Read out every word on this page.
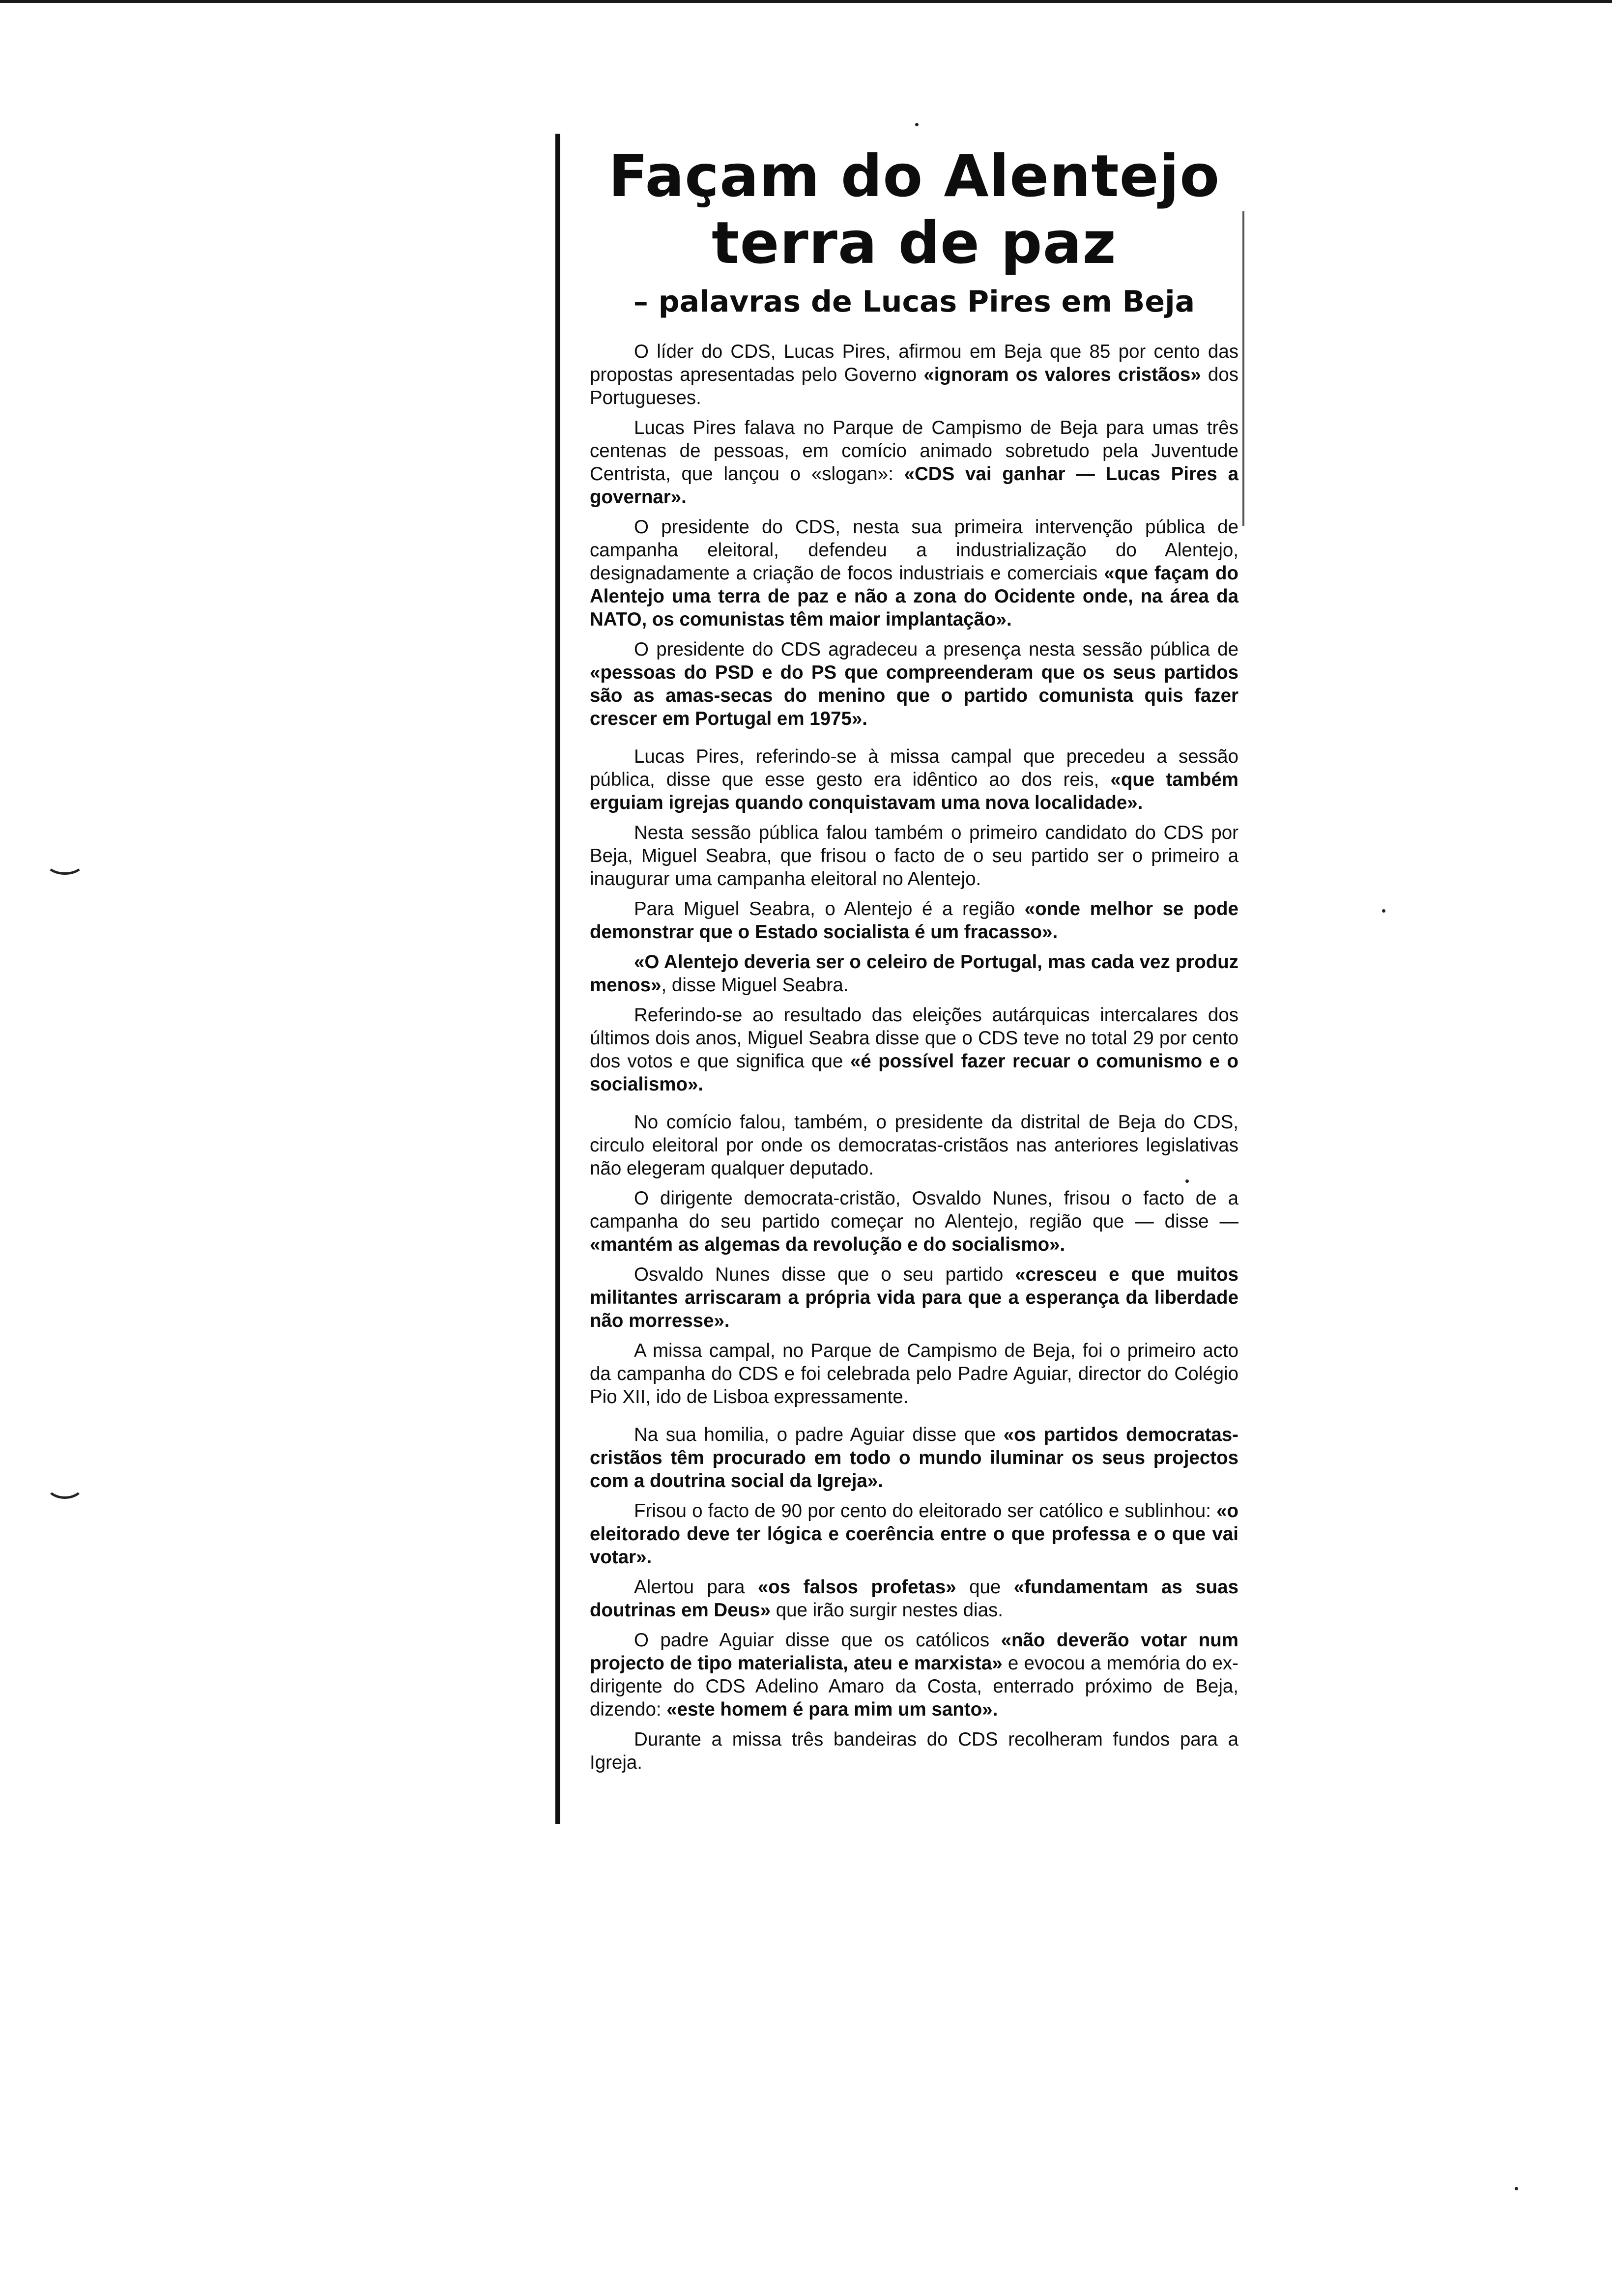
Façam do Alentejo
terra de paz
– palavras de Lucas Pires em Beja

O líder do CDS, Lucas Pires, afirmou em Beja que 85 por cento das propostas apresentadas pelo Governo «ignoram os valores cristãos» dos Portugueses.

Lucas Pires falava no Parque de Campismo de Beja para umas três centenas de pessoas, em comício animado sobretudo pela Juventude Centrista, que lançou o «slogan»: «CDS vai ganhar — Lucas Pires a governar».

O presidente do CDS, nesta sua primeira intervenção pública de campanha eleitoral, defendeu a industrialização do Alentejo, designadamente a criação de focos industriais e comerciais «que façam do Alentejo uma terra de paz e não a zona do Ocidente onde, na área da NATO, os comunistas têm maior implantação».

O presidente do CDS agradeceu a presença nesta sessão pública de «pessoas do PSD e do PS que compreenderam que os seus partidos são as amas-secas do menino que o partido comunista quis fazer crescer em Portugal em 1975».

Lucas Pires, referindo-se à missa campal que precedeu a sessão pública, disse que esse gesto era idêntico ao dos reis, «que também erguiam igrejas quando conquistavam uma nova localidade».

Nesta sessão pública falou também o primeiro candidato do CDS por Beja, Miguel Seabra, que frisou o facto de o seu partido ser o primeiro a inaugurar uma campanha eleitoral no Alentejo.

Para Miguel Seabra, o Alentejo é a região «onde melhor se pode demonstrar que o Estado socialista é um fracasso».

«O Alentejo deveria ser o celeiro de Portugal, mas cada vez produz menos», disse Miguel Seabra.

Referindo-se ao resultado das eleições autárquicas intercalares dos últimos dois anos, Miguel Seabra disse que o CDS teve no total 29 por cento dos votos e que significa que «é possível fazer recuar o comunismo e o socialismo».

No comício falou, também, o presidente da distrital de Beja do CDS, circulo eleitoral por onde os democratas-cristãos nas anteriores legislativas não elegeram qualquer deputado.

O dirigente democrata-cristão, Osvaldo Nunes, frisou o facto de a campanha do seu partido começar no Alentejo, região que — disse — «mantém as algemas da revolução e do socialismo».

Osvaldo Nunes disse que o seu partido «cresceu e que muitos militantes arriscaram a própria vida para que a esperança da liberdade não morresse».

A missa campal, no Parque de Campismo de Beja, foi o primeiro acto da campanha do CDS e foi celebrada pelo Padre Aguiar, director do Colégio Pio XII, ido de Lisboa expressamente.

Na sua homilia, o padre Aguiar disse que «os partidos democratas-cristãos têm procurado em todo o mundo iluminar os seus projectos com a doutrina social da Igreja».

Frisou o facto de 90 por cento do eleitorado ser católico e sublinhou: «o eleitorado deve ter lógica e coerência entre o que professa e o que vai votar».

Alertou para «os falsos profetas» que «fundamentam as suas doutrinas em Deus» que irão surgir nestes dias.

O padre Aguiar disse que os católicos «não deverão votar num projecto de tipo materialista, ateu e marxista» e evocou a memória do ex-dirigente do CDS Adelino Amaro da Costa, enterrado próximo de Beja, dizendo: «este homem é para mim um santo».

Durante a missa três bandeiras do CDS recolheram fundos para a Igreja.
